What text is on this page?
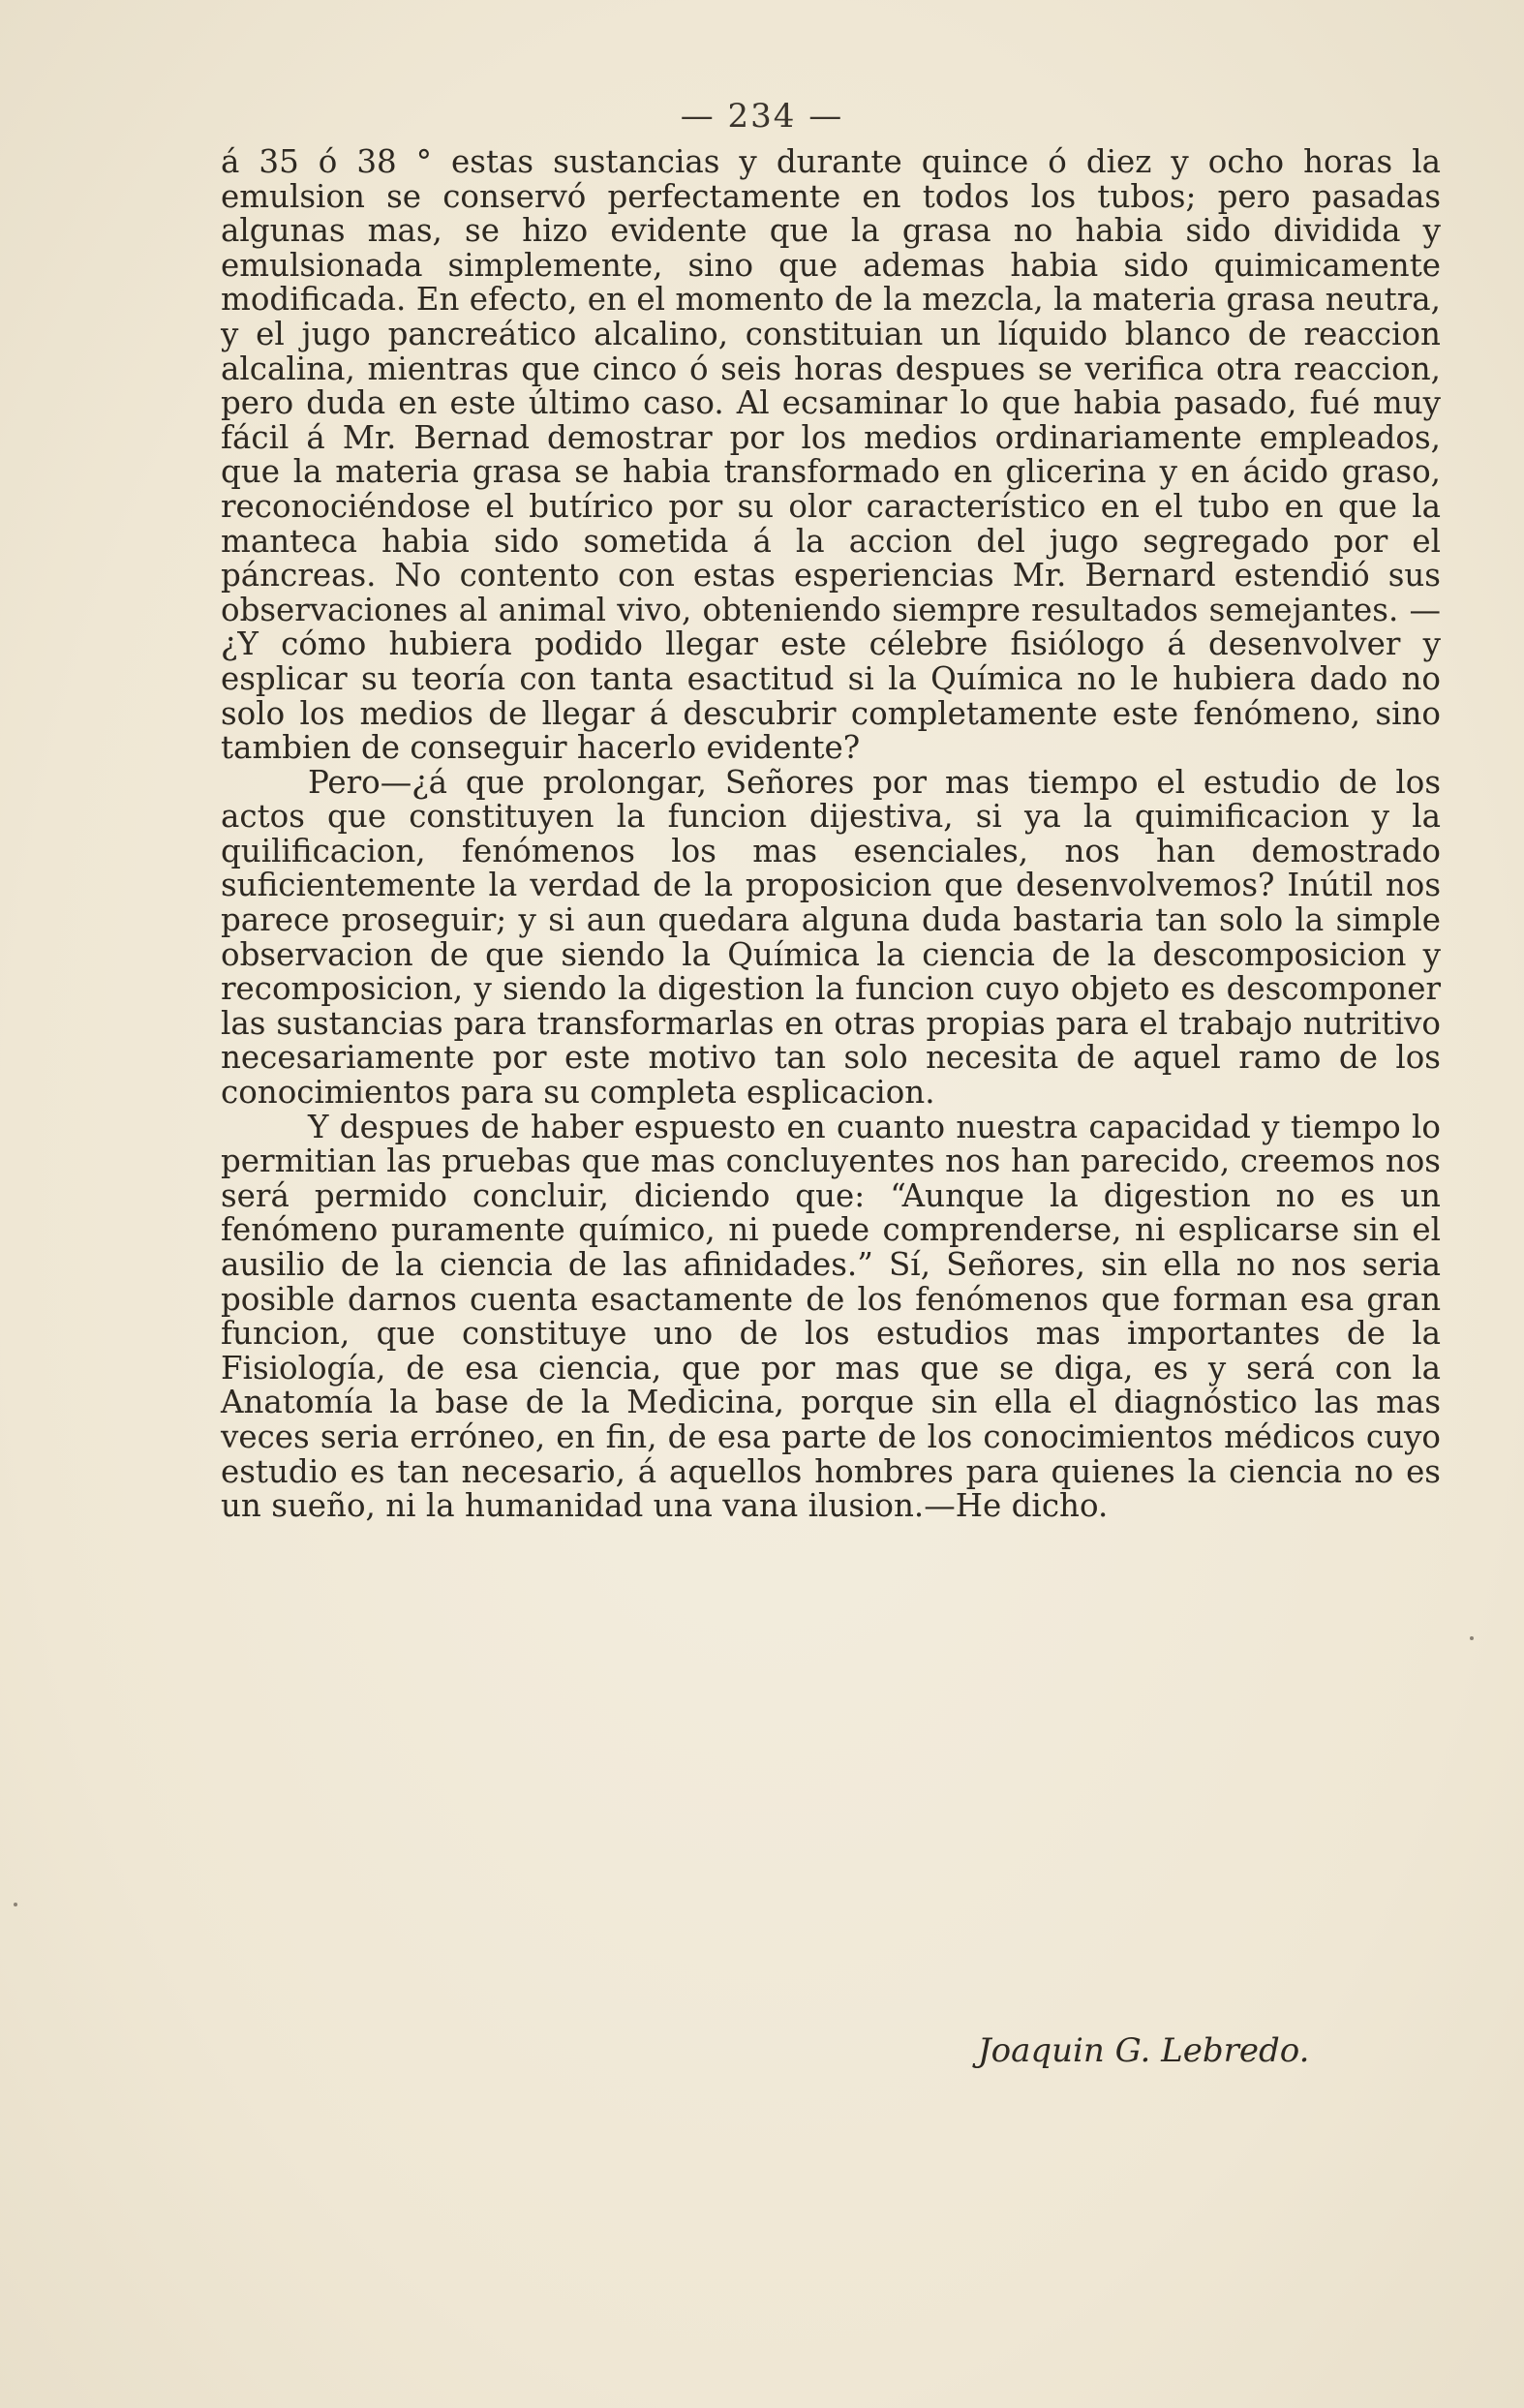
— 234 —

á 35 ó 38 ° estas sustancias y durante quince ó diez y ocho horas la emulsion se conservó perfectamente en todos los tubos; pero pasadas algunas mas, se hizo evidente que la grasa no habia sido dividida y emulsionada simplemente, sino que ademas habia sido quimicamente modificada. En efecto, en el momento de la mezcla, la materia grasa neutra, y el jugo pancreático alcalino, constituian un líquido blanco de reaccion alcalina, mientras que cinco ó seis horas despues se verifica otra reaccion, pero duda en este último caso. Al ecsaminar lo que habia pasado, fué muy fácil á Mr. Bernad demostrar por los medios ordinariamente empleados, que la materia grasa se habia transformado en glicerina y en ácido graso, reconociéndose el butírico por su olor característico en el tubo en que la manteca habia sido sometida á la accion del jugo segregado por el páncreas. No contento con estas esperiencias Mr. Bernard estendió sus observaciones al animal vivo, obteniendo siempre resultados semejantes. —¿Y cómo hubiera podido llegar este célebre fisiólogo á desenvolver y esplicar su teoría con tanta esactitud si la Química no le hubiera dado no solo los medios de llegar á descubrir completamente este fenómeno, sino tambien de conseguir hacerlo evidente?

Pero—¿á que prolongar, Señores por mas tiempo el estudio de los actos que constituyen la funcion dijestiva, si ya la quimificacion y la quilificacion, fenómenos los mas esenciales, nos han demostrado suficientemente la verdad de la proposicion que desenvolvemos? Inútil nos parece proseguir; y si aun quedara alguna duda bastaria tan solo la simple observacion de que siendo la Química la ciencia de la descomposicion y recomposicion, y siendo la digestion la funcion cuyo objeto es descomponer las sustancias para transformarlas en otras propias para el trabajo nutritivo necesariamente por este motivo tan solo necesita de aquel ramo de los conocimientos para su completa esplicacion.

Y despues de haber espuesto en cuanto nuestra capacidad y tiempo lo permitian las pruebas que mas concluyentes nos han parecido, creemos nos será permido concluir, diciendo que: “Aunque la digestion no es un fenómeno puramente químico, ni puede comprenderse, ni esplicarse sin el ausilio de la ciencia de las afinidades.” Sí, Señores, sin ella no nos seria posible darnos cuenta esactamente de los fenómenos que forman esa gran funcion, que constituye uno de los estudios mas importantes de la Fisiología, de esa ciencia, que por mas que se diga, es y será con la Anatomía la base de la Medicina, porque sin ella el diagnóstico las mas veces seria erróneo, en fin, de esa parte de los conocimientos médicos cuyo estudio es tan necesario, á aquellos hombres para quienes la ciencia no es un sueño, ni la humanidad una vana ilusion.—He dicho.

Joaquin G. Lebredo.
